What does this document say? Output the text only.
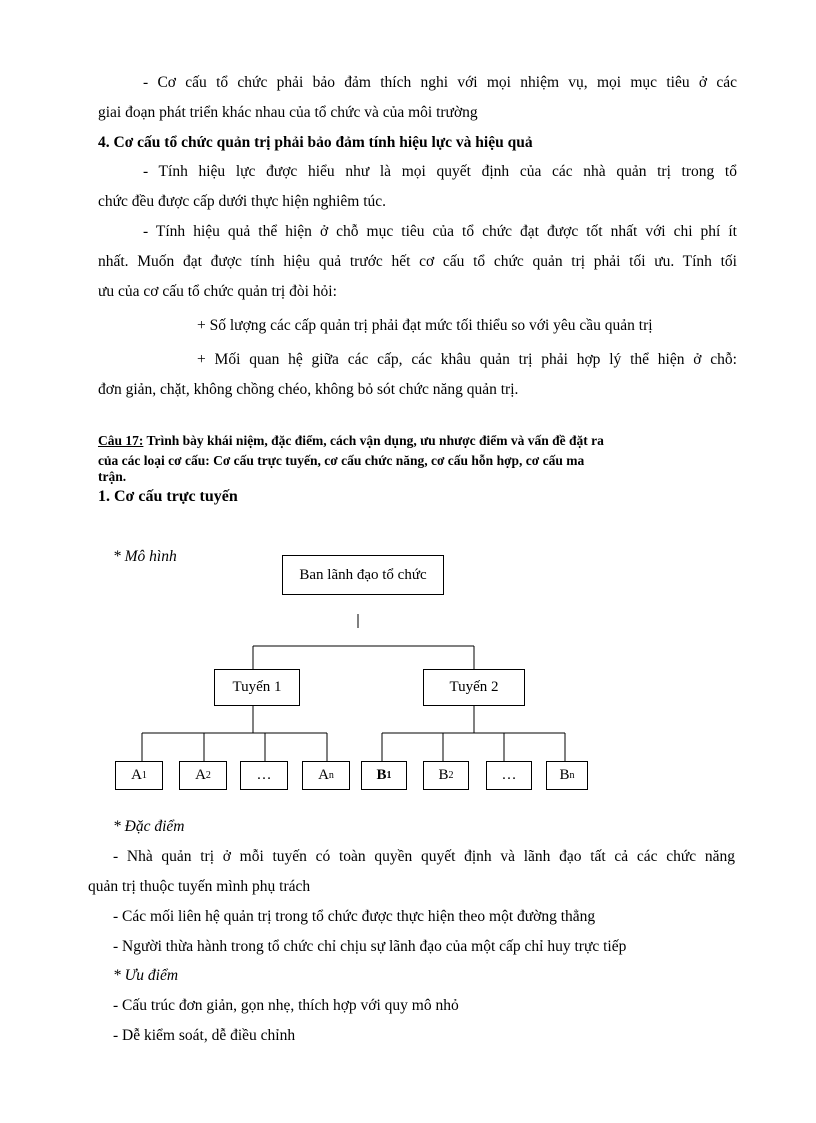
- Cơ cấu tổ chức phải bảo đảm thích nghi với mọi nhiệm vụ, mọi mục tiêu ở các
giai đoạn phát triển khác nhau của tổ chức và của môi trường
4. Cơ cấu tổ chức quản trị phải bảo đảm tính hiệu lực và hiệu quả
- Tính hiệu lực được hiểu như là mọi quyết định của các nhà quản trị trong tổ
chức đều được cấp dưới thực hiện nghiêm túc.
- Tính hiệu quả thể hiện ở chỗ mục tiêu của tổ chức đạt được tốt nhất với chi phí ít
nhất. Muốn đạt được tính hiệu quả trước hết cơ cấu tổ chức quản trị phải tối ưu. Tính tối
ưu của cơ cấu tổ chức quản trị đòi hỏi:
+ Số lượng các cấp quản trị phải đạt mức tối thiểu so với yêu cầu quản trị
+ Mối quan hệ giữa các cấp, các khâu quản trị phải hợp lý thể hiện ở chỗ:
đơn giản, chặt, không chồng chéo, không bỏ sót chức năng quản trị.
Câu 17: Trình bày khái niệm, đặc điểm, cách vận dụng, ưu nhược điểm và vấn đề đặt ra
của các loại cơ cấu: Cơ cấu trực tuyến, cơ cấu chức năng, cơ cấu hỗn hợp, cơ cấu ma
trận.
1. Cơ cấu trực tuyến
* Mô hình
Ban lãnh đạo tổ chức
Tuyến 1	Tuyến 2
A 1	A 2	…	A n	B 1	B 2	…	B n
* Đặc điểm
- Nhà quản trị ở mỗi tuyến có toàn quyền quyết định và lãnh đạo tất cả các chức năng
quản trị thuộc tuyến mình phụ trách
- Các mối liên hệ quản trị trong tổ chức được thực hiện theo một đường thẳng
- Người thừa hành trong tổ chức chỉ chịu sự lãnh đạo của một cấp chỉ huy trực tiếp
* Ưu điểm
- Cấu trúc đơn giản, gọn nhẹ, thích hợp với quy mô nhỏ
- Dễ kiểm soát, dễ điều chỉnh
